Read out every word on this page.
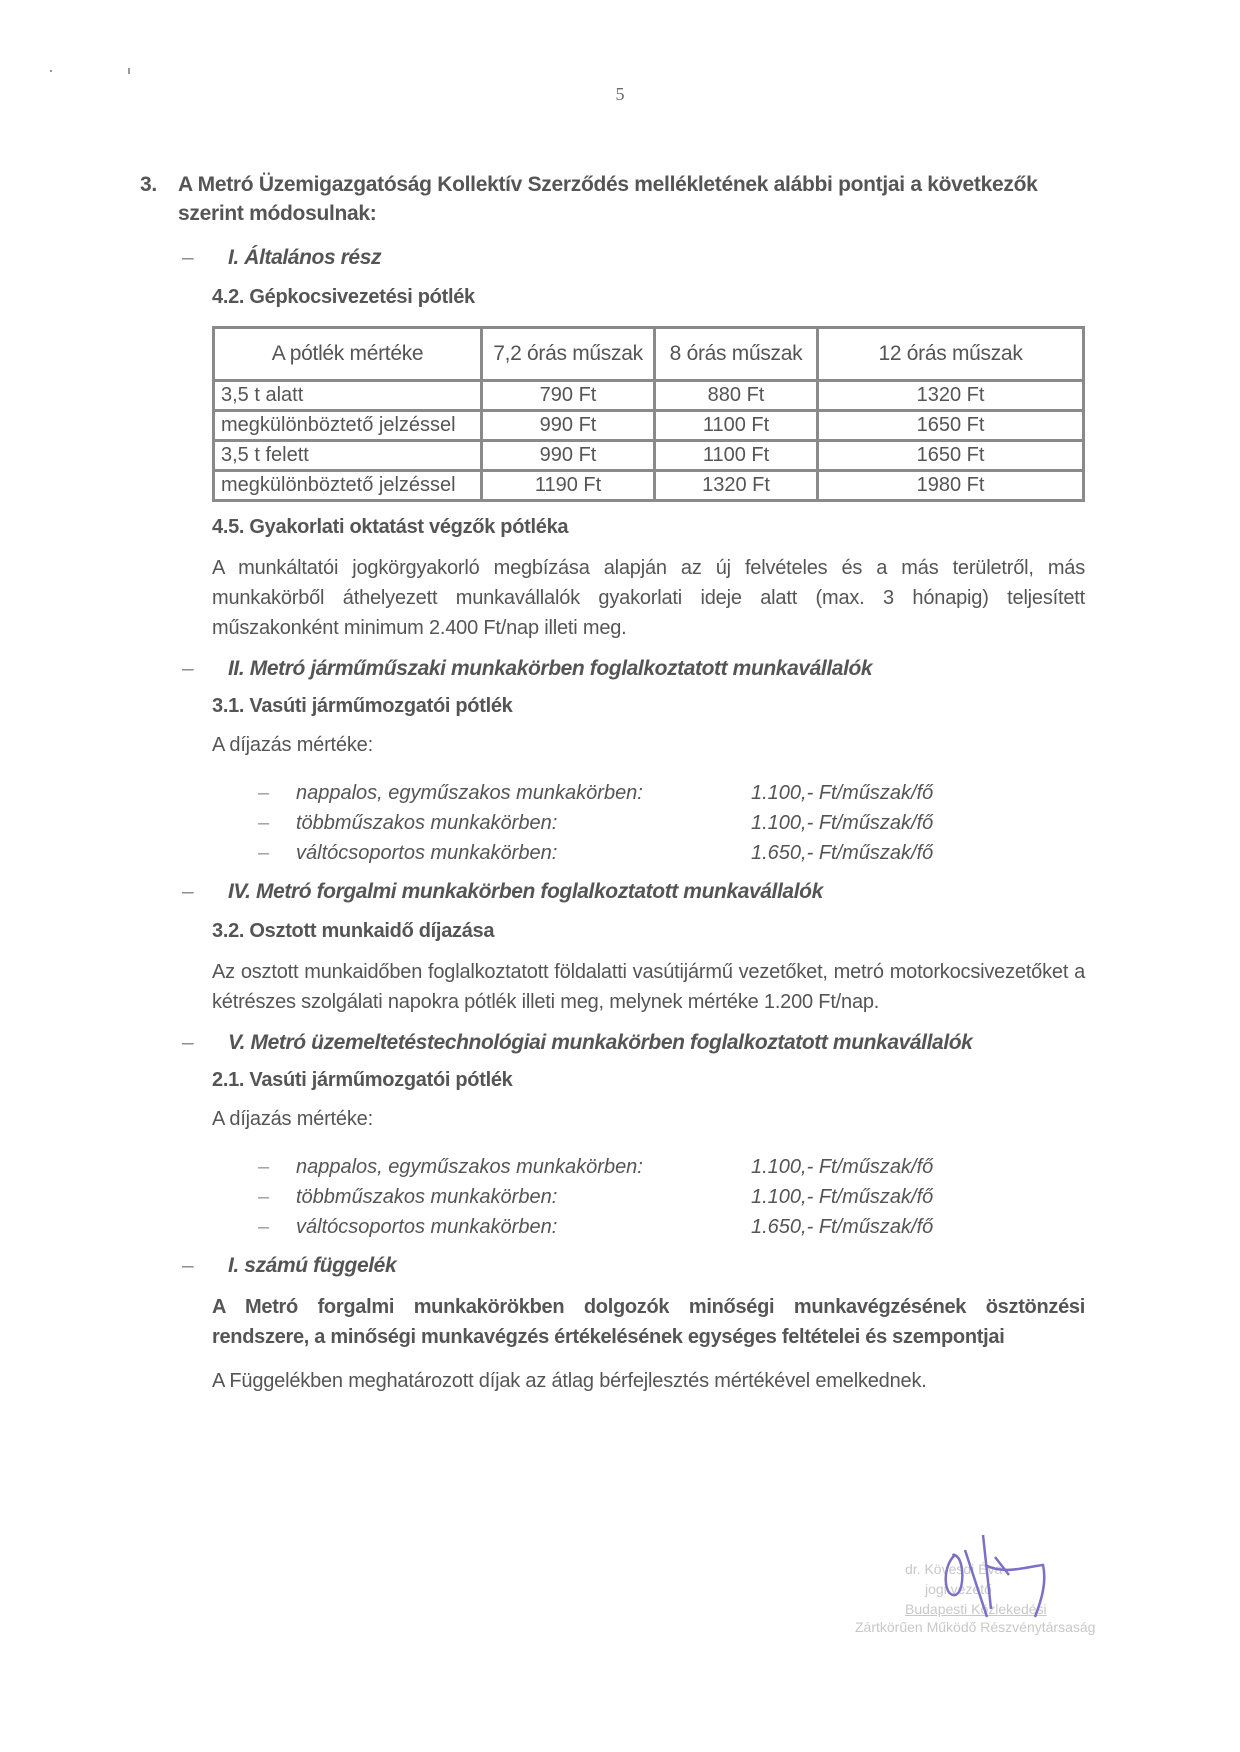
5
3.	A Metró Üzemigazgatóság Kollektív Szerződés mellékletének alábbi pontjai a következők szerint módosulnak:
–	I. Általános rész
4.2. Gépkocsivezetési pótlék
A pótlék mértéke	7,2 órás műszak	8 órás műszak	12 órás műszak
3,5 t alatt	790 Ft	880 Ft	1320 Ft
megkülönböztető jelzéssel	990 Ft	1100 Ft	1650 Ft
3,5 t felett	990 Ft	1100 Ft	1650 Ft
megkülönböztető jelzéssel	1190 Ft	1320 Ft	1980 Ft
4.5. Gyakorlati oktatást végzők pótléka
A munkáltatói jogkörgyakorló megbízása alapján az új felvételes és a más területről, más munkakörből áthelyezett munkavállalók gyakorlati ideje alatt (max. 3 hónapig) teljesített műszakonként minimum 2.400 Ft/nap illeti meg.
–	II. Metró járműműszaki munkakörben foglalkoztatott munkavállalók
3.1. Vasúti járműmozgatói pótlék
A díjazás mértéke:
–	nappalos, egyműszakos munkakörben:	1.100,- Ft/műszak/fő
–	többműszakos munkakörben:	1.100,- Ft/műszak/fő
–	váltócsoportos munkakörben:	1.650,- Ft/műszak/fő
–	IV. Metró forgalmi munkakörben foglalkoztatott munkavállalók
3.2. Osztott munkaidő díjazása
Az osztott munkaidőben foglalkoztatott földalatti vasútijármű vezetőket, metró motorkocsivezetőket a kétrészes szolgálati napokra pótlék illeti meg, melynek mértéke 1.200 Ft/nap.
–	V. Metró üzemeltetéstechnológiai munkakörben foglalkoztatott munkavállalók
2.1. Vasúti járműmozgatói pótlék
A díjazás mértéke:
–	nappalos, egyműszakos munkakörben:	1.100,- Ft/műszak/fő
–	többműszakos munkakörben:	1.100,- Ft/műszak/fő
–	váltócsoportos munkakörben:	1.650,- Ft/műszak/fő
–	I. számú függelék
A Metró forgalmi munkakörökben dolgozók minőségi munkavégzésének ösztönzési rendszere, a minőségi munkavégzés értékelésének egységes feltételei és szempontjai
A Függelékben meghatározott díjak az átlag bérfejlesztés mértékével emelkednek.
dr. Kövesdi Éva
jogi vezető
Budapesti Közlekedési
Zártkörűen Működő Részvénytársaság
